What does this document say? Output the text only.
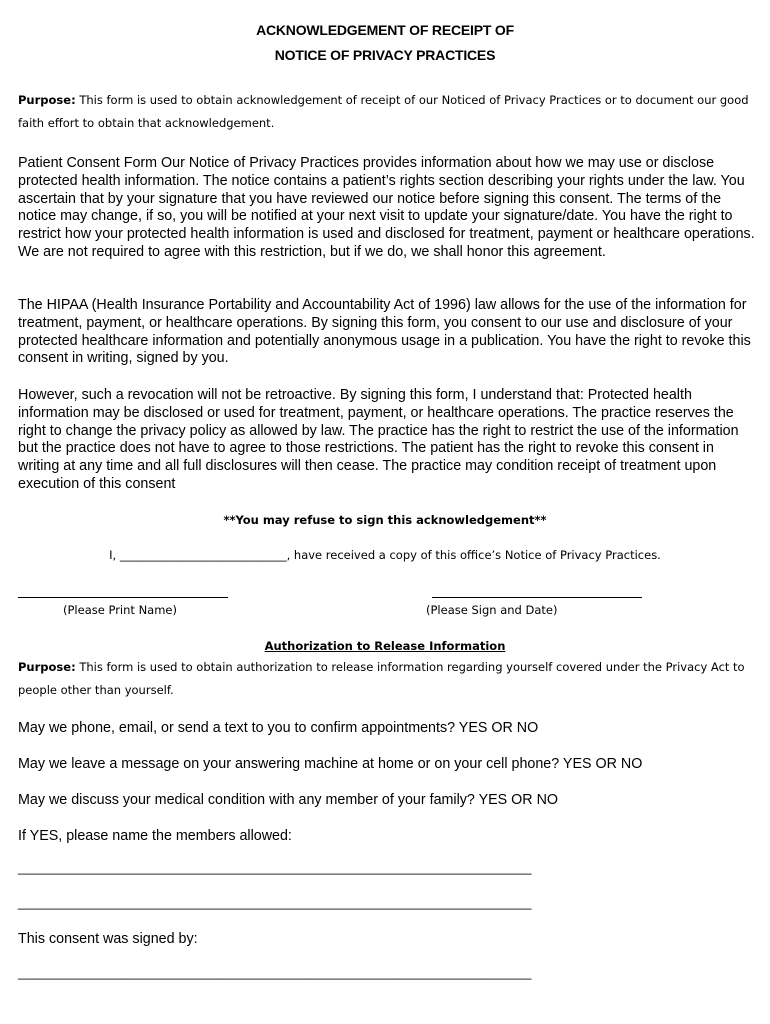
ACKNOWLEDGEMENT OF RECEIPT OF
NOTICE OF PRIVACY PRACTICES
Purpose: This form is used to obtain acknowledgement of receipt of our Noticed of Privacy Practices or to document our good faith effort to obtain that acknowledgement.

Patient Consent Form Our Notice of Privacy Practices provides information about how we may use or disclose protected health information. The notice contains a patient’s rights section describing your rights under the law. You ascertain that by your signature that you have reviewed our notice before signing this consent. The terms of the notice may change, if so, you will be notified at your next visit to update your signature/date. You have the right to restrict how your protected health information is used and disclosed for treatment, payment or healthcare operations. We are not required to agree with this restriction, but if we do, we shall honor this agreement.

The HIPAA (Health Insurance Portability and Accountability Act of 1996) law allows for the use of the information for treatment, payment, or healthcare operations. By signing this form, you consent to our use and disclosure of your protected healthcare information and potentially anonymous usage in a publication. You have the right to revoke this consent in writing, signed by you.

However, such a revocation will not be retroactive. By signing this form, I understand that: Protected health information may be disclosed or used for treatment, payment, or healthcare operations. The practice reserves the right to change the privacy policy as allowed by law. The practice has the right to restrict the use of the information but the practice does not have to agree to those restrictions. The patient has the right to revoke this consent in writing at any time and all full disclosures will then cease. The practice may condition receipt of treatment upon execution of this consent

**You may refuse to sign this acknowledgement**
I, _____________________________, have received a copy of this office’s Notice of Privacy Practices.
(Please Print Name)	(Please Sign and Date)
Authorization to Release Information
Purpose: This form is used to obtain authorization to release information regarding yourself covered under the Privacy Act to people other than yourself.
May we phone, email, or send a text to you to confirm appointments? YES OR NO
May we leave a message on your answering machine at home or on your cell phone? YES OR NO
May we discuss your medical condition with any member of your family? YES OR NO
If YES, please name the members allowed:
______________________________________________________________________
______________________________________________________________________
This consent was signed by:
______________________________________________________________________
